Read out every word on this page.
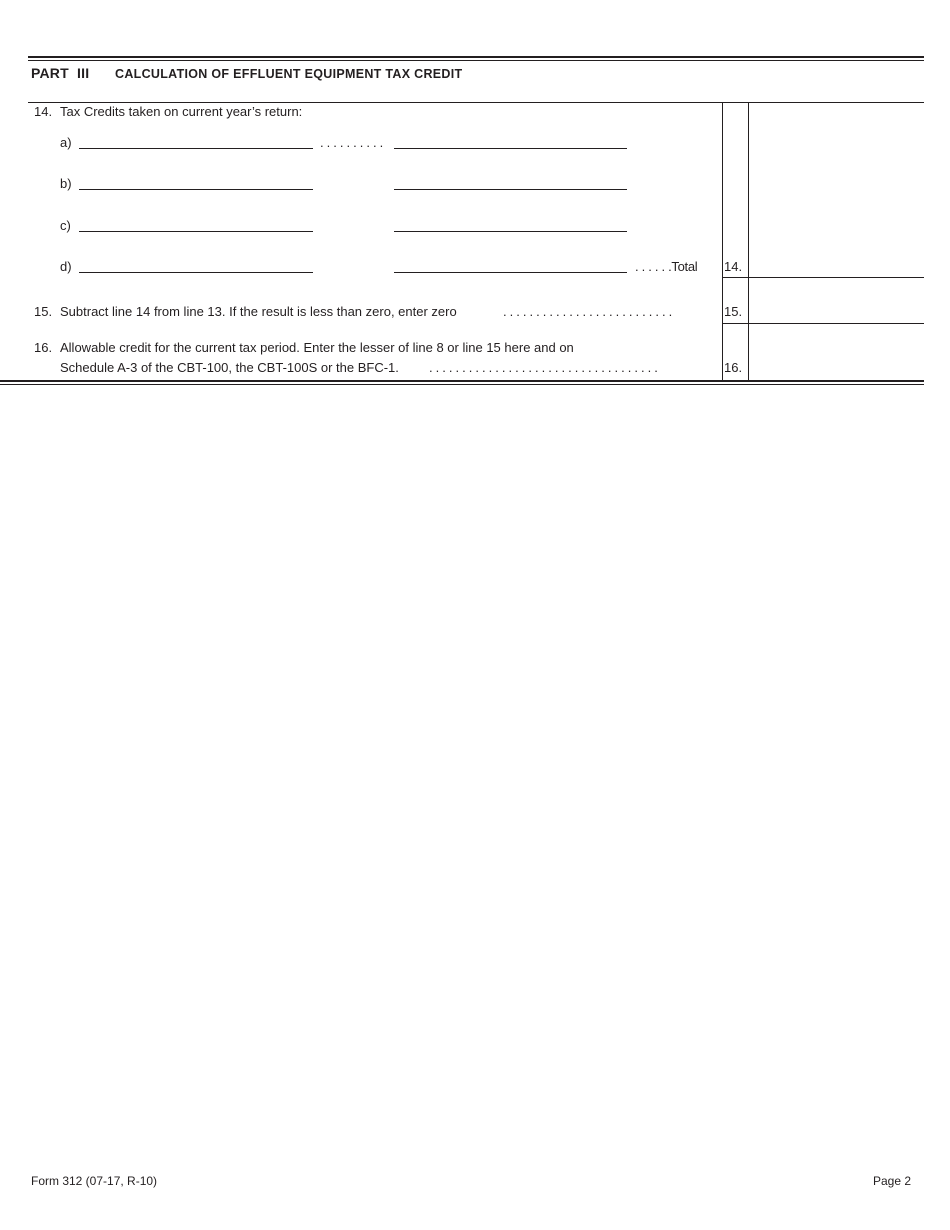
PART  III CALCULATION OF EFFLUENT EQUIPMENT TAX CREDIT
14. Tax Credits taken on current year’s return:
a)	. . . . . . . . . .
b)
c)
d)	. . . . . .Total 14.
15. Subtract line 14 from line 13. If the result is less than zero, enter zero	. . . . . . . . . . . . . . . . . . . . . . . . . .	15.
16. Allowable credit for the current tax period. Enter the lesser of line 8 or line 15 here and on
Schedule A-3 of the CBT-100, the CBT-100S or the BFC-1. . . . . . . . . . . . . . . . . . . . . . . . . . . . . . . . . . . .	16.
Form 312 (07-17, R-10)	Page 2
